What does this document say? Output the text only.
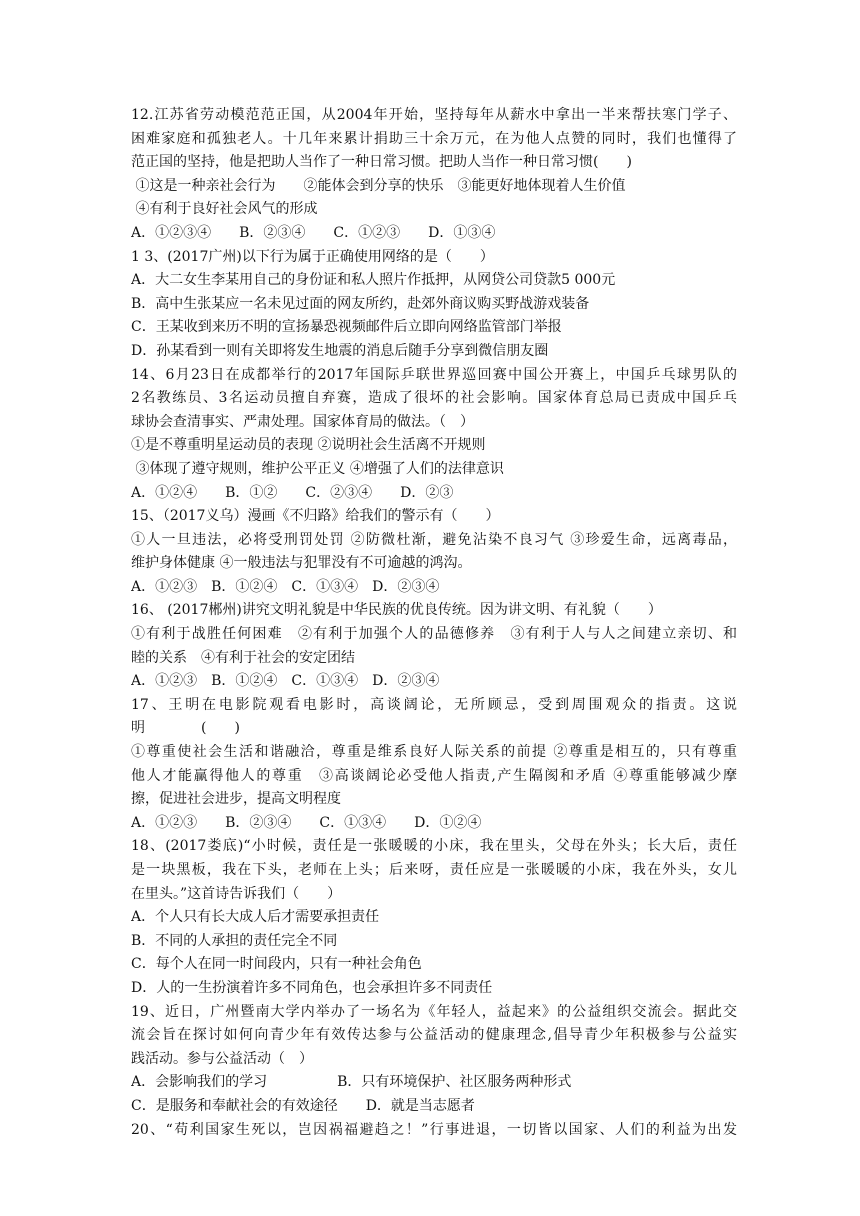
12.江苏省劳动模范范正国，从2004年开始，坚持每年从薪水中拿出一半来帮扶寒门学子、
困难家庭和孤独老人。十几年来累计捐助三十余万元，在为他人点赞的同时，我们也懂得了
范正国的坚持，他是把助人当作了一种日常习惯。把助人当作一种日常习惯(　　)
①这是一种亲社会行为　　②能体会到分享的快乐　③能更好地体现着人生价值
④有利于良好社会风气的形成
A．①②③④　　B．②③④　　C．①②③　　D．①③④
1 3、(2017广州)以下行为属于正确使用网络的是（　　）
A．大二女生李某用自己的身份证和私人照片作抵押，从网贷公司贷款5 000元
B．高中生张某应一名未见过面的网友所约，赴郊外商议购买野战游戏装备
C．王某收到来历不明的宣扬暴恐视频邮件后立即向网络监管部门举报
D．孙某看到一则有关即将发生地震的消息后随手分享到微信朋友圈
14、6月23日在成都举行的2017年国际乒联世界巡回赛中国公开赛上，中国乒乓球男队的
2名教练员、3名运动员擅自弃赛，造成了很坏的社会影响。国家体育总局已责成中国乒乓
球协会查清事实、严肃处理。国家体育局的做法。（　）
①是不尊重明星运动员的表现 ②说明社会生活离不开规则
③体现了遵守规则，维护公平正义 ④增强了人们的法律意识
A．①②④　　B．①②　　C．②③④　　D．②③
15、（2017义乌）漫画《不归路》给我们的警示有（　　）
①人一旦违法，必将受刑罚处罚 ②防微杜渐，避免沾染不良习气 ③珍爱生命，远离毒品，
维护身体健康 ④一般违法与犯罪没有不可逾越的鸿沟。
A．①②③　B．①②④　C．①③④　D．②③④
16、 (2017郴州)讲究文明礼貌是中华民族的优良传统。因为讲文明、有礼貌（　　）
①有利于战胜任何困难　②有利于加强个人的品德修养　③有利于人与人之间建立亲切、和
睦的关系　④有利于社会的安定团结
A．①②③　B．①②④　C．①③④　D．②③④
17、王明在电影院观看电影时，高谈阔论，无所顾忌，受到周围观众的指责。这说
明　　　　(　　)
①尊重使社会生活和谐融洽，尊重是维系良好人际关系的前提 ②尊重是相互的，只有尊重
他人才能赢得他人的尊重　③高谈阔论必受他人指责,产生隔阂和矛盾 ④尊重能够减少摩
擦，促进社会进步，提高文明程度
A．①②③　　B．②③④　　C．①③④　　D．①②④
18、(2017娄底)“小时候，责任是一张暖暖的小床，我在里头，父母在外头；长大后，责任
是一块黑板，我在下头，老师在上头；后来呀，责任应是一张暖暖的小床，我在外头，女儿
在里头。”这首诗告诉我们（　　）
A．个人只有长大成人后才需要承担责任
B．不同的人承担的责任完全不同
C．每个人在同一时间段内，只有一种社会角色
D．人的一生扮演着许多不同角色，也会承担许多不同责任
19、近日，广州暨南大学内举办了一场名为《年轻人，益起来》的公益组织交流会。据此交
流会旨在探讨如何向青少年有效传达参与公益活动的健康理念,倡导青少年积极参与公益实
践活动。参与公益活动（　）
A．会影响我们的学习　　　　　B．只有环境保护、社区服务两种形式
C．是服务和奉献社会的有效途径　　D．就是当志愿者
20、“苟利国家生死以，岂因祸福避趋之！”行事进退，一切皆以国家、人们的利益为出发
